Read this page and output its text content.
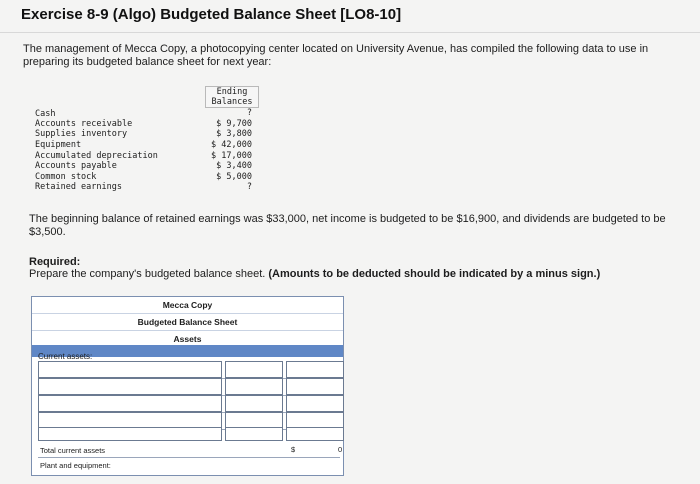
Exercise 8-9 (Algo) Budgeted Balance Sheet [LO8-10]
The management of Mecca Copy, a photocopying center located on University Avenue, has compiled the following data to use in preparing its budgeted balance sheet for next year:
Ending
Balances
Cash	?
Accounts receivable	$ 9,700
Supplies inventory	$ 3,800
Equipment	$ 42,000
Accumulated depreciation	$ 17,000
Accounts payable	$ 3,400
Common stock	$ 5,000
Retained earnings	?
The beginning balance of retained earnings was $33,000, net income is budgeted to be $16,900, and dividends are budgeted to be $3,500.
Required:
Prepare the company's budgeted balance sheet. (Amounts to be deducted should be indicated by a minus sign.)
Mecca Copy
Budgeted Balance Sheet
Assets
Current assets:
Total current assets	$	0
Plant and equipment:
